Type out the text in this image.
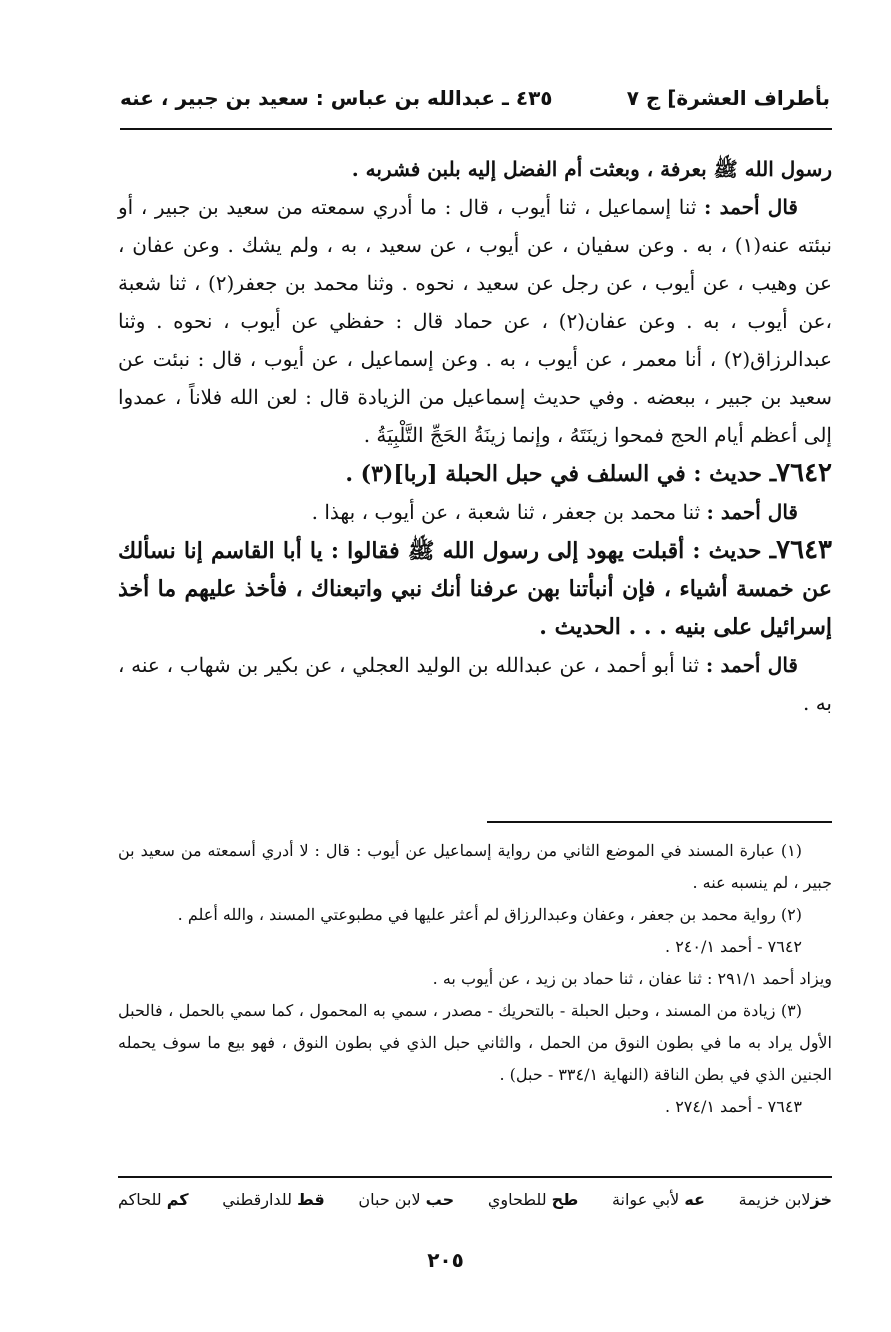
بأطراف العشرة] ج ٧
٤٣٥ ـ عبدالله بن عباس : سعيد بن جبير ، عنه

رسول الله ﷺ بعرفة ، وبعثت أم الفضل إليه بلبن فشربه .

قال أحمد : ثنا إسماعيل ، ثنا أيوب ، قال : ما أدري سمعته من سعيد بن جبير ، أو نبئته عنه(١) ، به . وعن سفيان ، عن أيوب ، عن سعيد ، به ، ولم يشك . وعن عفان ، عن وهيب ، عن أيوب ، عن رجل عن سعيد ، نحوه . وثنا محمد بن جعفر(٢) ، ثنا شعبة ،عن أيوب ، به . وعن عفان(٢) ، عن حماد قال : حفظي عن أيوب ، نحوه . وثنا عبدالرزاق(٢) ، أنا معمر ، عن أيوب ، به . وعن إسماعيل ، عن أيوب ، قال : نبئت عن سعيد بن جبير ، ببعضه . وفي حديث إسماعيل من الزيادة قال : لعن الله فلاناً ، عمدوا إلى أعظم أيام الحج فمحوا زينَتَهُ ، وإنما زينَةُ الحَجِّ التَّلْبِيَةُ .

٧٦٤٢ـ حديث : في السلف في حبل الحبلة [ربا](٣) .

قال أحمد : ثنا محمد بن جعفر ، ثنا شعبة ، عن أيوب ، بهذا .

٧٦٤٣ـ حديث : أقبلت يهود إلى رسول الله ﷺ فقالوا : يا أبا القاسم إنا نسألك عن خمسة أشياء ، فإن أنبأتنا بهن عرفنا أنك نبي واتبعناك ، فأخذ عليهم ما أخذ إسرائيل على بنيه . . . الحديث .

قال أحمد : ثنا أبو أحمد ، عن عبدالله بن الوليد العجلي ، عن بكير بن شهاب ، عنه ، به .

(١) عبارة المسند في الموضع الثاني من رواية إسماعيل عن أيوب : قال : لا أدري أسمعته من سعيد بن جبير ، لم ينسبه عنه .

(٢) رواية محمد بن جعفر ، وعفان وعبدالرزاق لم أعثر عليها في مطبوعتي المسند ، والله أعلم .

٧٦٤٢ - أحمد ٢٤٠/١ .

ويزاد أحمد ٢٩١/١ : ثنا عفان ، ثنا حماد بن زيد ، عن أيوب به .

(٣) زيادة من المسند ، وحبل الحبلة - بالتحريك - مصدر ، سمي به المحمول ، كما سمي بالحمل ، فالحبل الأول يراد به ما في بطون النوق من الحمل ، والثاني حبل الذي في بطون النوق ، فهو بيع ما سوف يحمله الجنين الذي في بطن الناقة (النهاية ٣٣٤/١ - حبل) .

٧٦٤٣ - أحمد ٢٧٤/١ .

خزلابن خزيمة
عه لأبي عوانة
طح للطحاوي
حب لابن حبان
قط للدارقطني
كم للحاكم
٢٠٥
